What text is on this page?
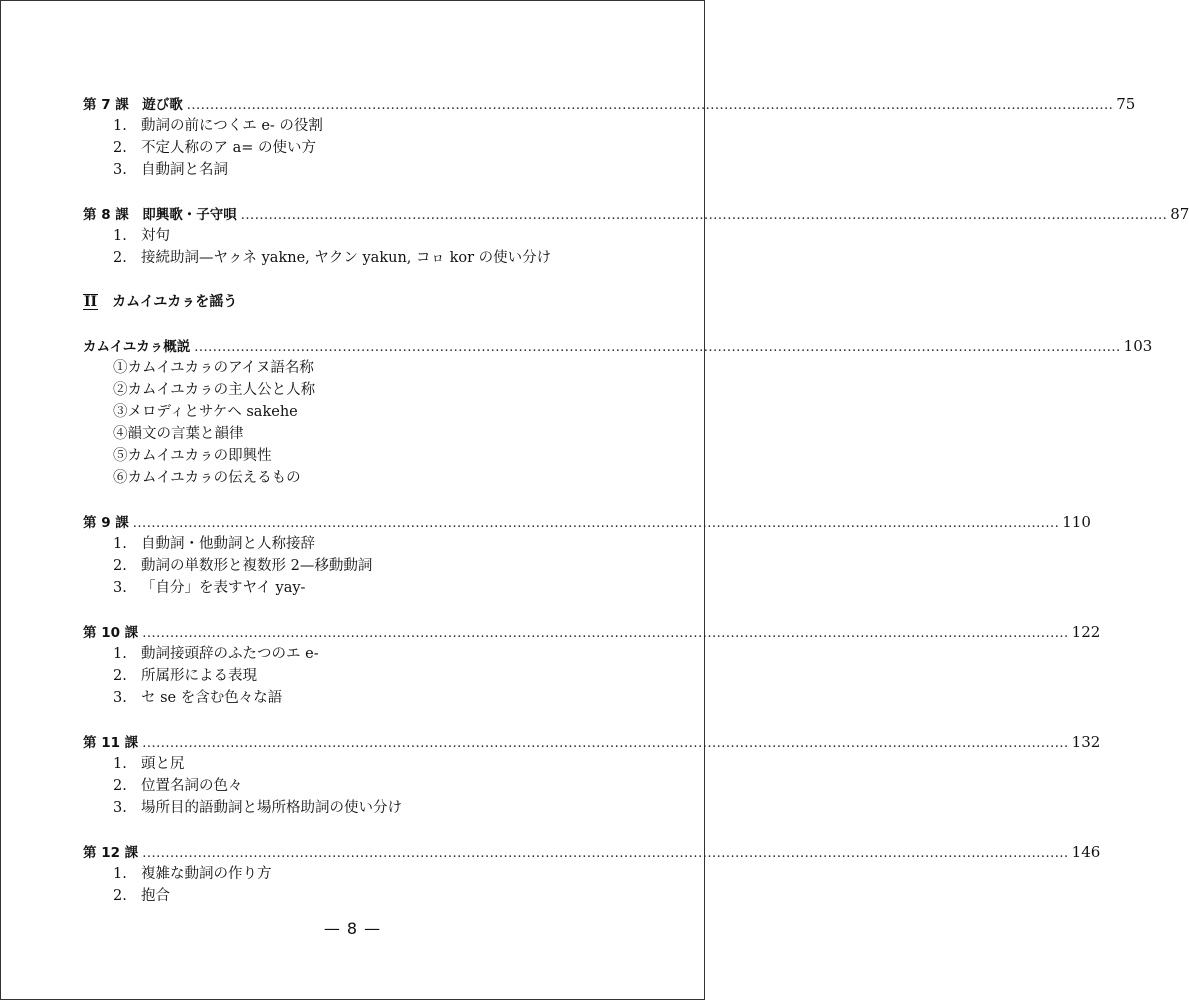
第 7 課　遊び歌 ........................................................................................................................................................................................................ 75
1. 動詞の前につくエ e- の役割
2. 不定人称のア a= の使い方
3. 自動詞と名詞
第 8 課　即興歌・子守唄 ........................................................................................................................................................................................................ 87
1. 対句
2. 接続助詞—ヤㇰネ yakne, ヤクン yakun, コㇿ kor の使い分け
II カムイユカㇻを謡う
カムイユカㇻ概説 ........................................................................................................................................................................................................ 103
①カムイユカㇻのアイヌ語名称
②カムイユカㇻの主人公と人称
③メロディとサケヘ sakehe
④韻文の言葉と韻律
⑤カムイユカㇻの即興性
⑥カムイユカㇻの伝えるもの
第 9 課 ........................................................................................................................................................................................................ 110
1. 自動詞・他動詞と人称接辞
2. 動詞の単数形と複数形 2—移動動詞
3. 「自分」を表すヤイ yay-
第 10 課 ........................................................................................................................................................................................................ 122
1. 動詞接頭辞のふたつのエ e-
2. 所属形による表現
3. セ se を含む色々な語
第 11 課 ........................................................................................................................................................................................................ 132
1. 頭と尻
2. 位置名詞の色々
3. 場所目的語動詞と場所格助詞の使い分け
第 12 課 ........................................................................................................................................................................................................ 146
1. 複雑な動詞の作り方
2. 抱合
— 8 —
